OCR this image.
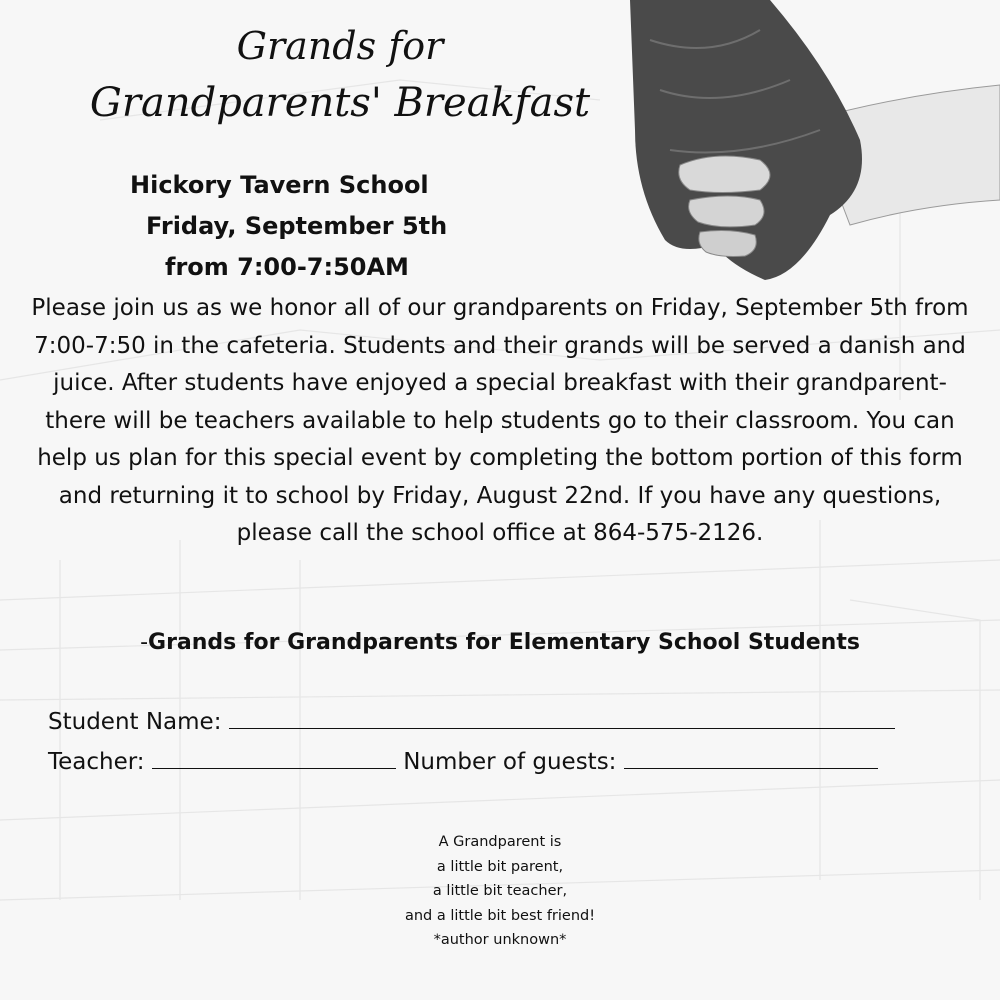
Grands for
Grandparents' Breakfast
Hickory Tavern School
Friday, September 5th
from 7:00-7:50AM

Please join us as we honor all of our grandparents on Friday, September 5th from 7:00-7:50 in the cafeteria. Students and their grands will be served a danish and juice. After students have enjoyed a special breakfast with their grandparent- there will be teachers available to help students go to their classroom. You can help us plan for this special event by completing the bottom portion of this form and returning it to school by Friday, August 22nd. If you have any questions, please call the school office at 864-575-2126.

-Grands for Grandparents for Elementary School Students

Student Name:

Teacher:	Number of guests:

A Grandparent is
a little bit parent,
a little bit teacher,
and a little bit best friend!
*author unknown*
